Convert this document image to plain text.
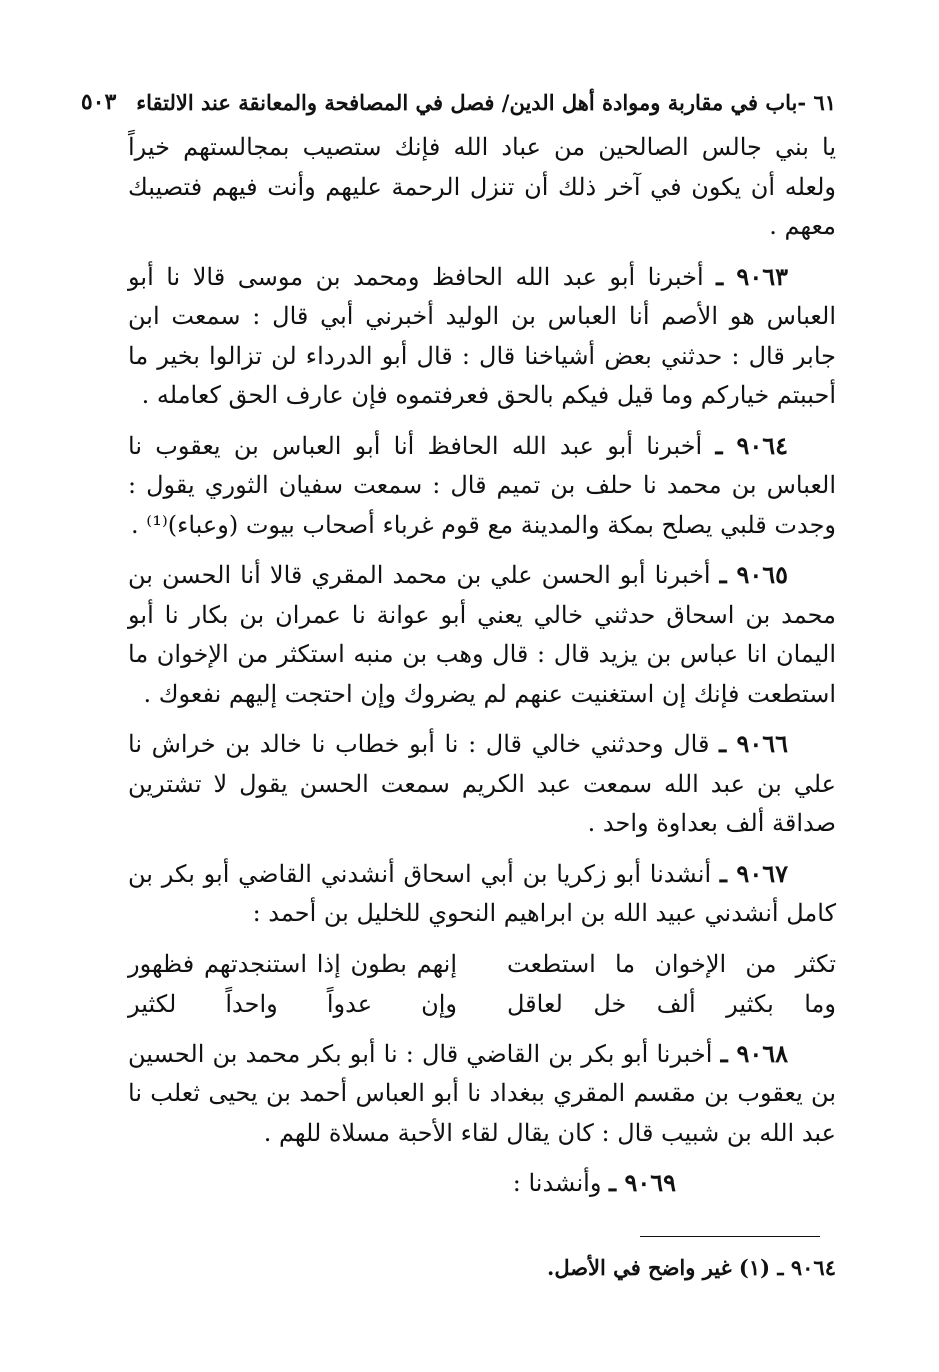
٦١ -باب في مقاربة وموادة أهل الدين/ فصل في المصافحة والمعانقة عند الالتقاء
٥٠٣

يا بني جالس الصالحين من عباد الله فإنك ستصيب بمجالستهم خيراً ولعله أن يكون في آخر ذلك أن تنزل الرحمة عليهم وأنت فيهم فتصيبك معهم .

٩٠٦٣ ـ أخبرنا أبو عبد الله الحافظ ومحمد بن موسى قالا نا أبو العباس هو الأصم أنا العباس بن الوليد أخبرني أبي قال : سمعت ابن جابر قال : حدثني بعض أشياخنا قال : قال أبو الدرداء لن تزالوا بخير ما أحببتم خياركم وما قيل فيكم بالحق فعرفتموه فإن عارف الحق كعامله .

٩٠٦٤ ـ أخبرنا أبو عبد الله الحافظ أنا أبو العباس بن يعقوب نا العباس بن محمد نا حلف بن تميم قال : سمعت سفيان الثوري يقول : وجدت قلبي يصلح بمكة والمدينة مع قوم غرباء أصحاب بيوت (وعباء)⁽¹⁾ .

٩٠٦٥ ـ أخبرنا أبو الحسن علي بن محمد المقري قالا أنا الحسن بن محمد بن اسحاق حدثني خالي يعني أبو عوانة نا عمران بن بكار نا أبو اليمان انا عباس بن يزيد قال : قال وهب بن منبه استكثر من الإخوان ما استطعت فإنك إن استغنيت عنهم لم يضروك وإن احتجت إليهم نفعوك .

٩٠٦٦ ـ قال وحدثني خالي قال : نا أبو خطاب نا خالد بن خراش نا علي بن عبد الله سمعت عبد الكريم سمعت الحسن يقول لا تشترين صداقة ألف بعداوة واحد .

٩٠٦٧ ـ أنشدنا أبو زكريا بن أبي اسحاق أنشدني القاضي أبو بكر بن كامل أنشدني عبيد الله بن ابراهيم النحوي للخليل بن أحمد :

تكثر من الإخوان ما استطعت
إنهم بطون إذا استنجدتهم فظهور
وما بكثير ألف خل لعاقل
وإن عدواً واحداً لكثير

٩٠٦٨ ـ أخبرنا أبو بكر بن القاضي قال : نا أبو بكر محمد بن الحسين بن يعقوب بن مقسم المقري ببغداد نا أبو العباس أحمد بن يحيى ثعلب نا عبد الله بن شبيب قال : كان يقال لقاء الأحبة مسلاة للهم .

٩٠٦٩ ـ وأنشدنا :

٩٠٦٤ ـ (١) غير واضح في الأصل.
